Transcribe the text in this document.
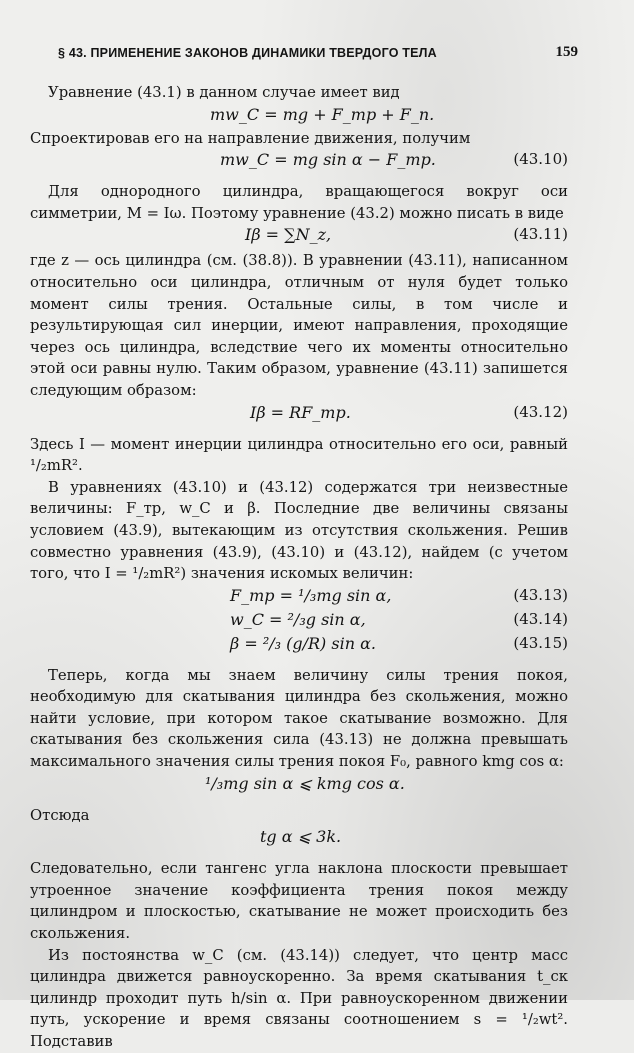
§ 43. ПРИМЕНЕНИЕ ЗАКОНОВ ДИНАМИКИ ТВЕРДОГО ТЕЛА	159

Уравнение (43.1) в данном случае имеет вид

mw_C = mg + F_тр + F_n.

Спроектировав его на направление движения, получим

mw_C = mg sin α − F_тр.	(43.10)

Для однородного цилиндра, вращающегося вокруг оси симметрии, M = Iω. Поэтому уравнение (43.2) можно писать в виде

Iβ = ∑N_z,	(43.11)

где z — ось цилиндра (см. (38.8)). В уравнении (43.11), написанном относительно оси цилиндра, отличным от нуля будет только момент силы трения. Остальные силы, в том числе и результирующая сил инерции, имеют направления, проходящие через ось цилиндра, вследствие чего их моменты относительно этой оси равны нулю. Таким образом, уравнение (43.11) запишется следующим образом:

Iβ = RF_тр.	(43.12)

Здесь I — момент инерции цилиндра относительно его оси, равный ¹/₂mR².

В уравнениях (43.10) и (43.12) содержатся три неизвестные величины: F_тр, w_C и β. Последние две величины связаны условием (43.9), вытекающим из отсутствия скольжения. Решив совместно уравнения (43.9), (43.10) и (43.12), найдем (с учетом того, что I = ¹/₂mR²) значения искомых величин:

F_тр = ¹/₃mg sin α,	(43.13)
w_C = ²/₃g sin α,	(43.14)
β = ²/₃ (g/R) sin α.	(43.15)

Теперь, когда мы знаем величину силы трения покоя, необходимую для скатывания цилиндра без скольжения, можно найти условие, при котором такое скатывание возможно. Для скатывания без скольжения сила (43.13) не должна превышать максимального значения силы трения покоя F₀, равного kmg cos α:

¹/₃mg sin α ⩽ kmg cos α.

Отсюда

tg α ⩽ 3k.

Следовательно, если тангенс угла наклона плоскости превышает утроенное значение коэффициента трения покоя между цилиндром и плоскостью, скатывание не может происходить без скольжения.

Из постоянства w_C (см. (43.14)) следует, что центр масс цилиндра движется равноускоренно. За время скатывания t_ск цилиндр проходит путь h/sin α. При равноускоренном движении путь, ускорение и время связаны соотношением s = ¹/₂wt². Подставив
